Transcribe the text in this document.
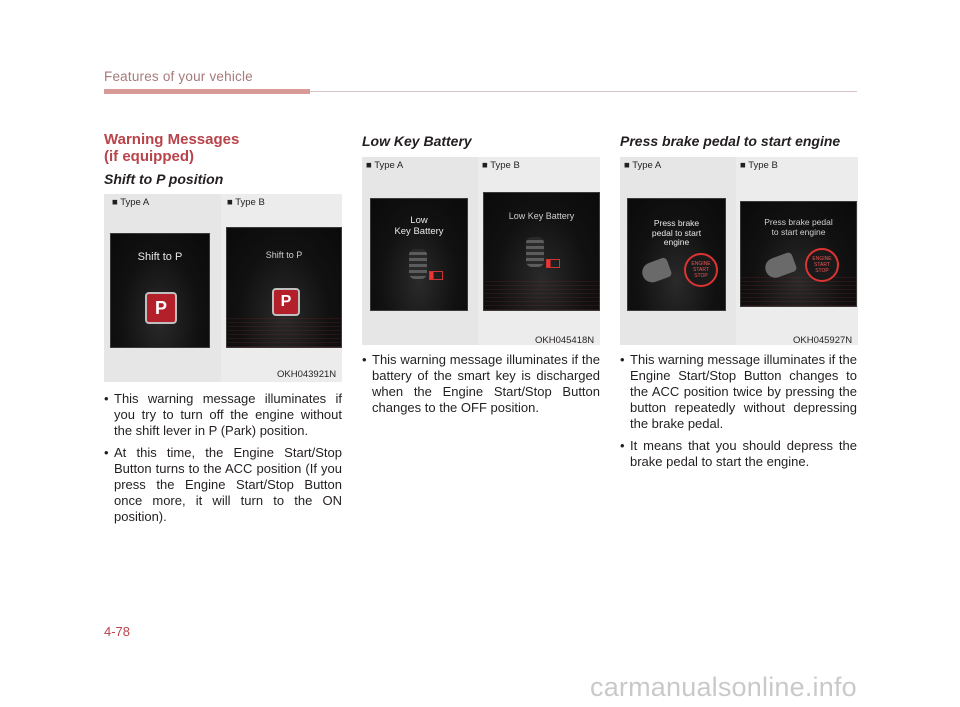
Features of your vehicle
Warning Messages
(if equipped)
Shift to P position
■ Type A
Shift to P
P
■ Type B
Shift to P
P
OKH043921N
• This warning message illuminates if you try to turn off the engine without the shift lever in P (Park) position.
• At this time, the Engine Start/Stop Button turns to the ACC position (If you press the Engine Start/Stop Button once more, it will turn to the ON position).
Low Key Battery
■ Type A
Low
Key Battery
■ Type B
Low Key Battery
OKH045418N
• This warning message illuminates if the battery of the smart key is discharged when the Engine Start/Stop Button changes to the OFF position.
Press brake pedal to start engine
■ Type A
Press brake
pedal to start
engine
ENGINE
START
STOP
■ Type B
Press brake pedal
to start engine
ENGINE
START
STOP
OKH045927N
• This warning message illuminates if the Engine Start/Stop Button changes to the ACC position twice by pressing the button repeatedly without depressing the brake pedal.
• It means that you should depress the brake pedal to start the engine.
4-78
carmanualsonline.info
